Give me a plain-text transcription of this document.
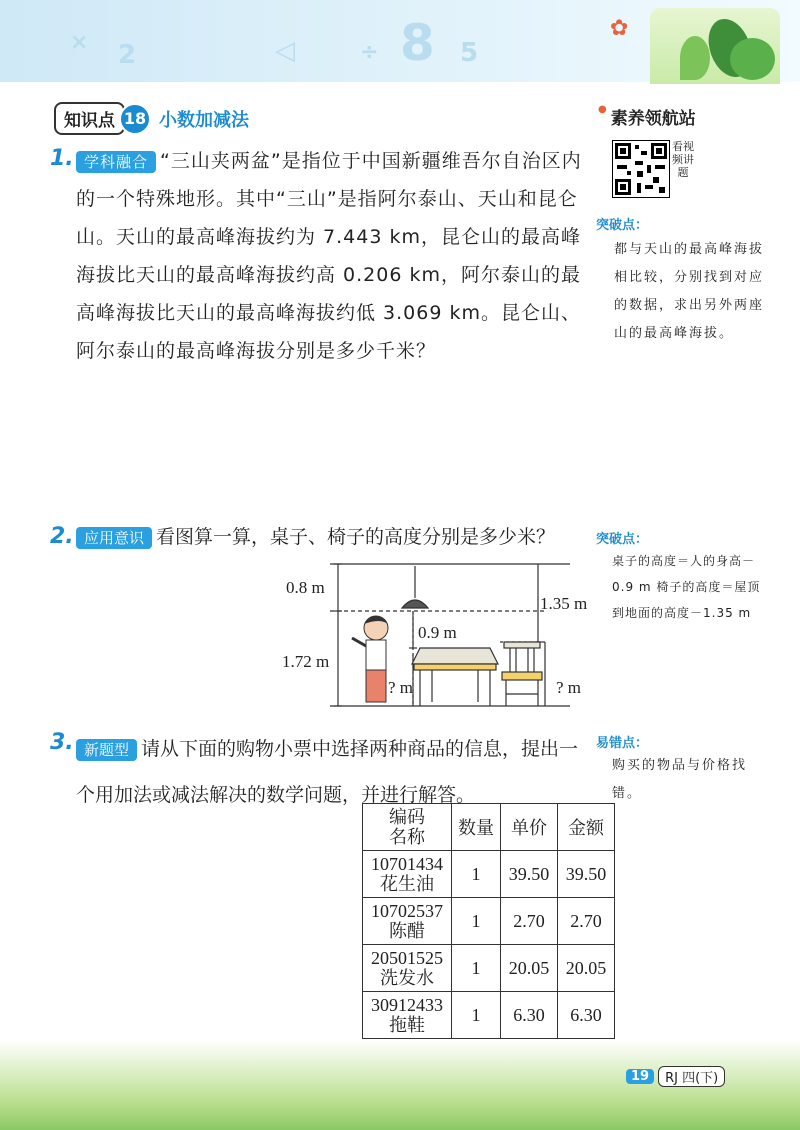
× 2	◁	÷ 8 5
✿
知识点 18 小数加减法	● 素养领航站
看视频讲题
突破点：
都与天山的最高峰海拔相比较，分别找到对应的数据，求出另外两座山的最高峰海拔。
突破点：
桌子的高度＝人的身高－0.9 m 椅子的高度＝屋顶到地面的高度－1.35 m
易错点：
购买的物品与价格找错。
1. 学科融合 “三山夹两盆”是指位于中国新疆维吾尔自治区内的一个特殊地形。其中“三山”是指阿尔泰山、天山和昆仑山。天山的最高峰海拔约为 7.443 km，昆仑山的最高峰海拔比天山的最高峰海拔约高 0.206 km，阿尔泰山的最高峰海拔比天山的最高峰海拔约低 3.069 km。昆仑山、阿尔泰山的最高峰海拔分别是多少千米？
2. 应用意识 看图算一算，桌子、椅子的高度分别是多少米？
0.8 m
1.72 m
0.9 m
? m
1.35 m
? m
3. 新题型 请从下面的购物小票中选择两种商品的信息，提出一个用加法或减法解决的数学问题，并进行解答。
编码
名称	数量	单价	金额
10701434
花生油	1	39.50	39.50
10702537
陈醋	1	2.70	2.70
20501525
洗发水	1	20.05	20.05
30912433
拖鞋	1	6.30	6.30
19	RJ 四(下)
